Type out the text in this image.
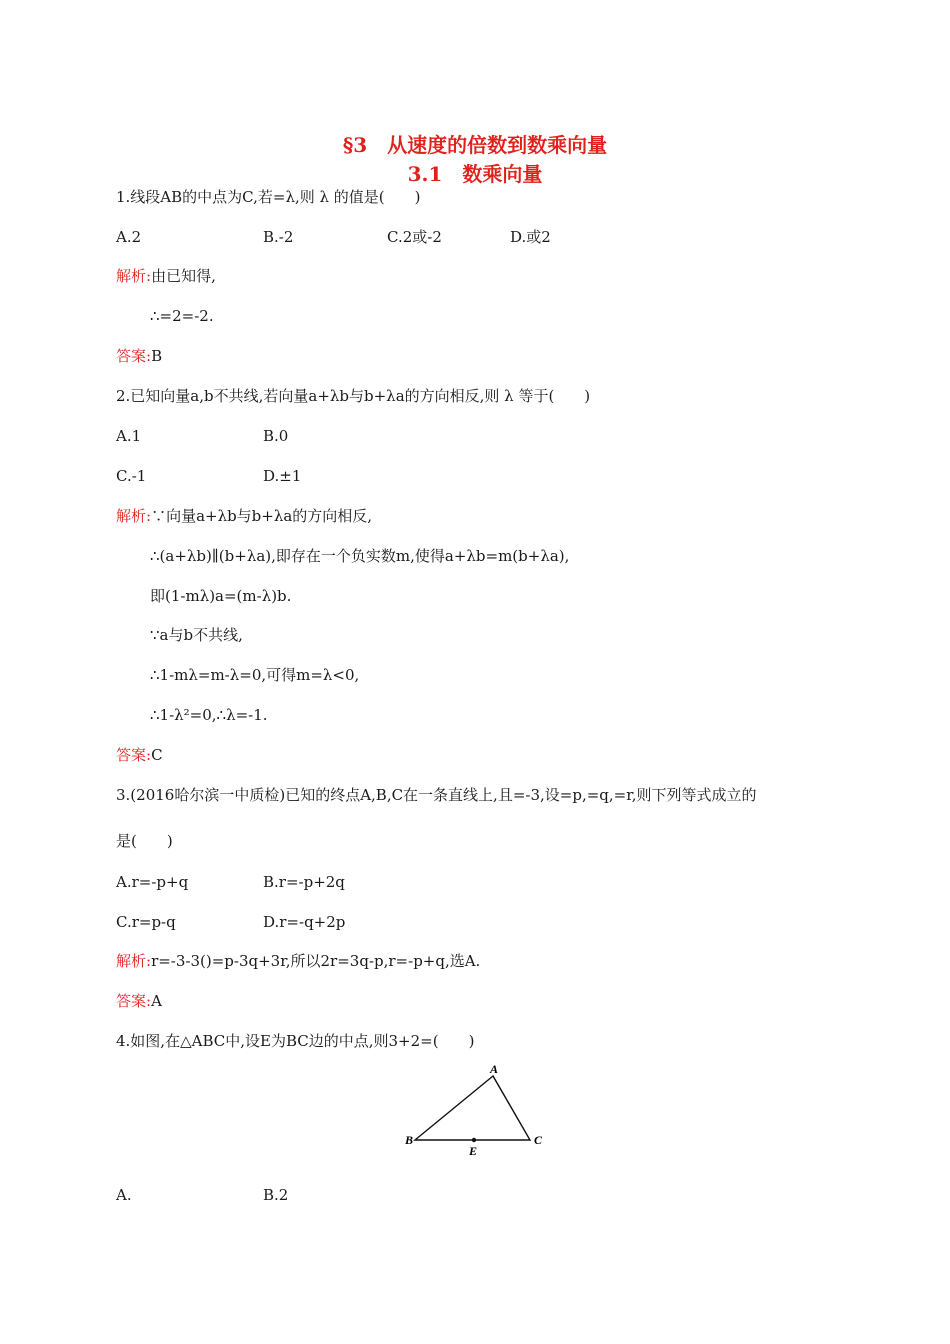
§3　从速度的倍数到数乘向量
3.1　数乘向量
1.线段AB的中点为C,若=λ,则 λ 的值是(　　)
A.2	B.-2	C.2或-2	D.或2
解析:由已知得,
∴=2=-2.
答案:B
2.已知向量a,b不共线,若向量a+λb与b+λa的方向相反,则 λ 等于(　　)
A.1	B.0
C.-1	D.±1
解析:∵向量a+λb与b+λa的方向相反,
∴(a+λb)∥(b+λa),即存在一个负实数m,使得a+λb=m(b+λa),
即(1-mλ)a=(m-λ)b.
∵a与b不共线,
∴1-mλ=m-λ=0,可得m=λ<0,
∴1-λ²=0,∴λ=-1.
答案:C
3.(2016哈尔滨一中质检)已知的终点A,B,C在一条直线上,且=-3,设=p,=q,=r,则下列等式成立的
是(　　)
A.r=-p+q	B.r=-p+2q
C.r=p-q	D.r=-q+2p
解析:r=-3-3()=p-3q+3r,所以2r=3q-p,r=-p+q,选A.
答案:A
4.如图,在△ABC中,设E为BC边的中点,则3+2=(　　)
A
B	C
E
A.	B.2
